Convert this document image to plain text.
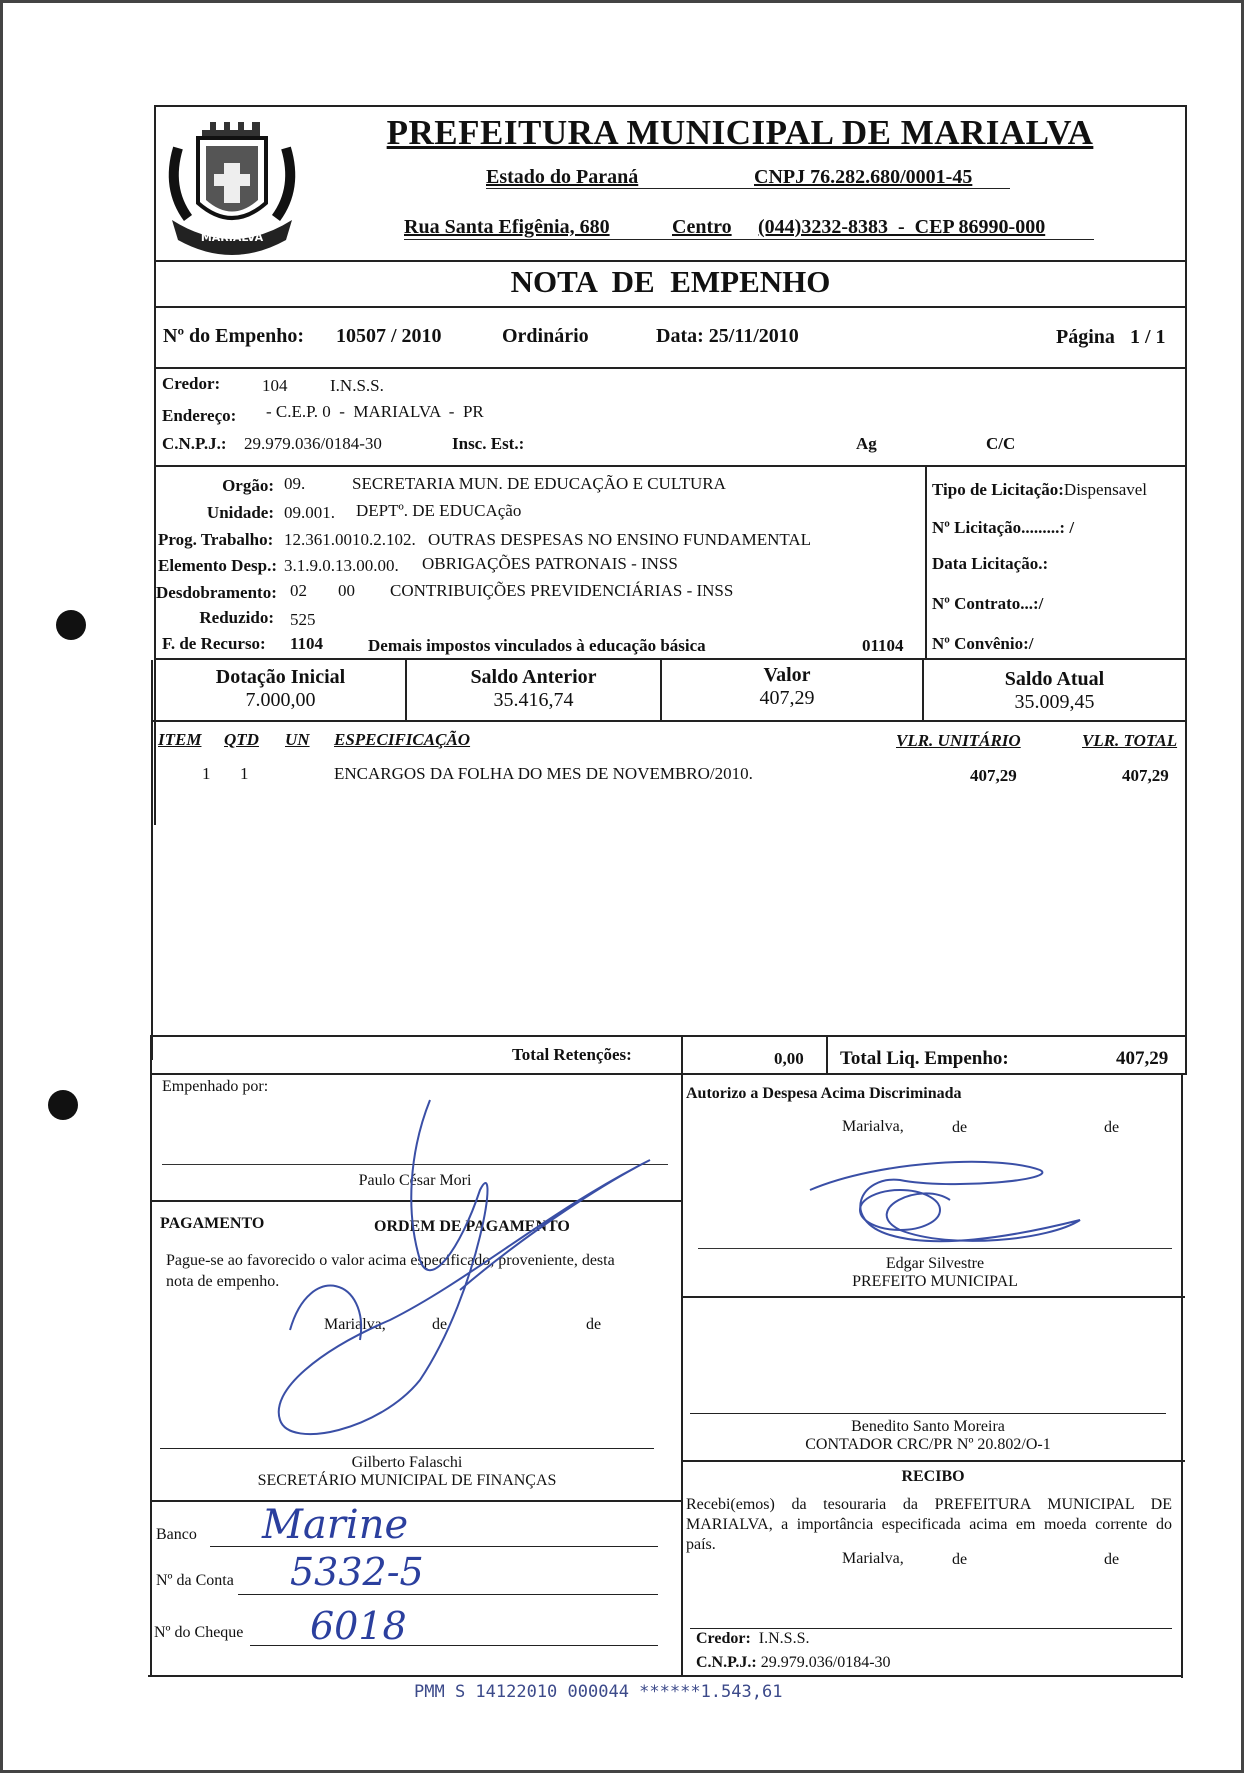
MARIALVA
PREFEITURA MUNICIPAL DE MARIALVA
Estado do Paraná	CNPJ 76.282.680/0001-45
Rua Santa Efigênia, 680	Centro (044)3232-8383  -  CEP 86990-000
NOTA  DE  EMPENHO
Nº do Empenho: 10507 / 2010	Ordinário	Data: 25/11/2010	Página 1 / 1
Credor: 104	I.N.S.S.
Endereço: - C.E.P. 0  -  MARIALVA  -  PR
C.N.P.J.: 29.979.036/0184-30	Insc. Est.:	Ag	C/C
Orgão: 09.	SECRETARIA MUN. DE EDUCAÇÃO E CULTURA
Unidade: 09.001. DEPTº. DE EDUCAção
Prog. Trabalho: 12.361.0010.2.102. OUTRAS DESPESAS NO ENSINO FUNDAMENTAL
Elemento Desp.: 3.1.9.0.13.00.00. OBRIGAÇÕES PATRONAIS - INSS
Desdobramento: 02 00 CONTRIBUIÇÕES PREVIDENCIÁRIAS - INSS
Reduzido: 525
F. de Recurso: 1104	Demais impostos vinculados à educação básica	01104
Tipo de Licitação:Dispensavel
Nº Licitação.........: /
Data Licitação.:
Nº Contrato...:/
Nº Convênio:/
Dotação Inicial
7.000,00
Saldo Anterior
35.416,74
Valor
407,29
Saldo Atual
35.009,45
ITEM QTD UN ESPECIFICAÇÃO	VLR. UNITÁRIO	VLR. TOTAL
1 1	ENCARGOS DA FOLHA DO MES DE NOVEMBRO/2010.	407,29	407,29
Total Retenções:	0,00 Total Liq. Empenho:	407,29
Empenhado por:
Paulo César Mori
Autorizo a Despesa Acima Discriminada
Marialva,	de	de
Edgar Silvestre
PREFEITO MUNICIPAL
PAGAMENTO	ORDEM DE PAGAMENTO
Pague-se ao favorecido o valor acima especificado, proveniente, desta
nota de empenho.
Marialva,	de	de
Benedito Santo Moreira
CONTADOR CRC/PR Nº 20.802/O-1
Gilberto Falaschi
SECRETÁRIO MUNICIPAL DE FINANÇAS	RECIBO
Recebi(emos) da tesouraria da PREFEITURA MUNICIPAL DE
MARIALVA, a importância especificada acima em moeda corrente do
país.
Marialva,	de	de
Credor: I.N.S.S.
C.N.P.J.: 29.979.036/0184-30
Banco Marine
Nº da Conta 5332-5
Nº do Cheque 6018
PMM S 14122010 000044 ******1.543,61
